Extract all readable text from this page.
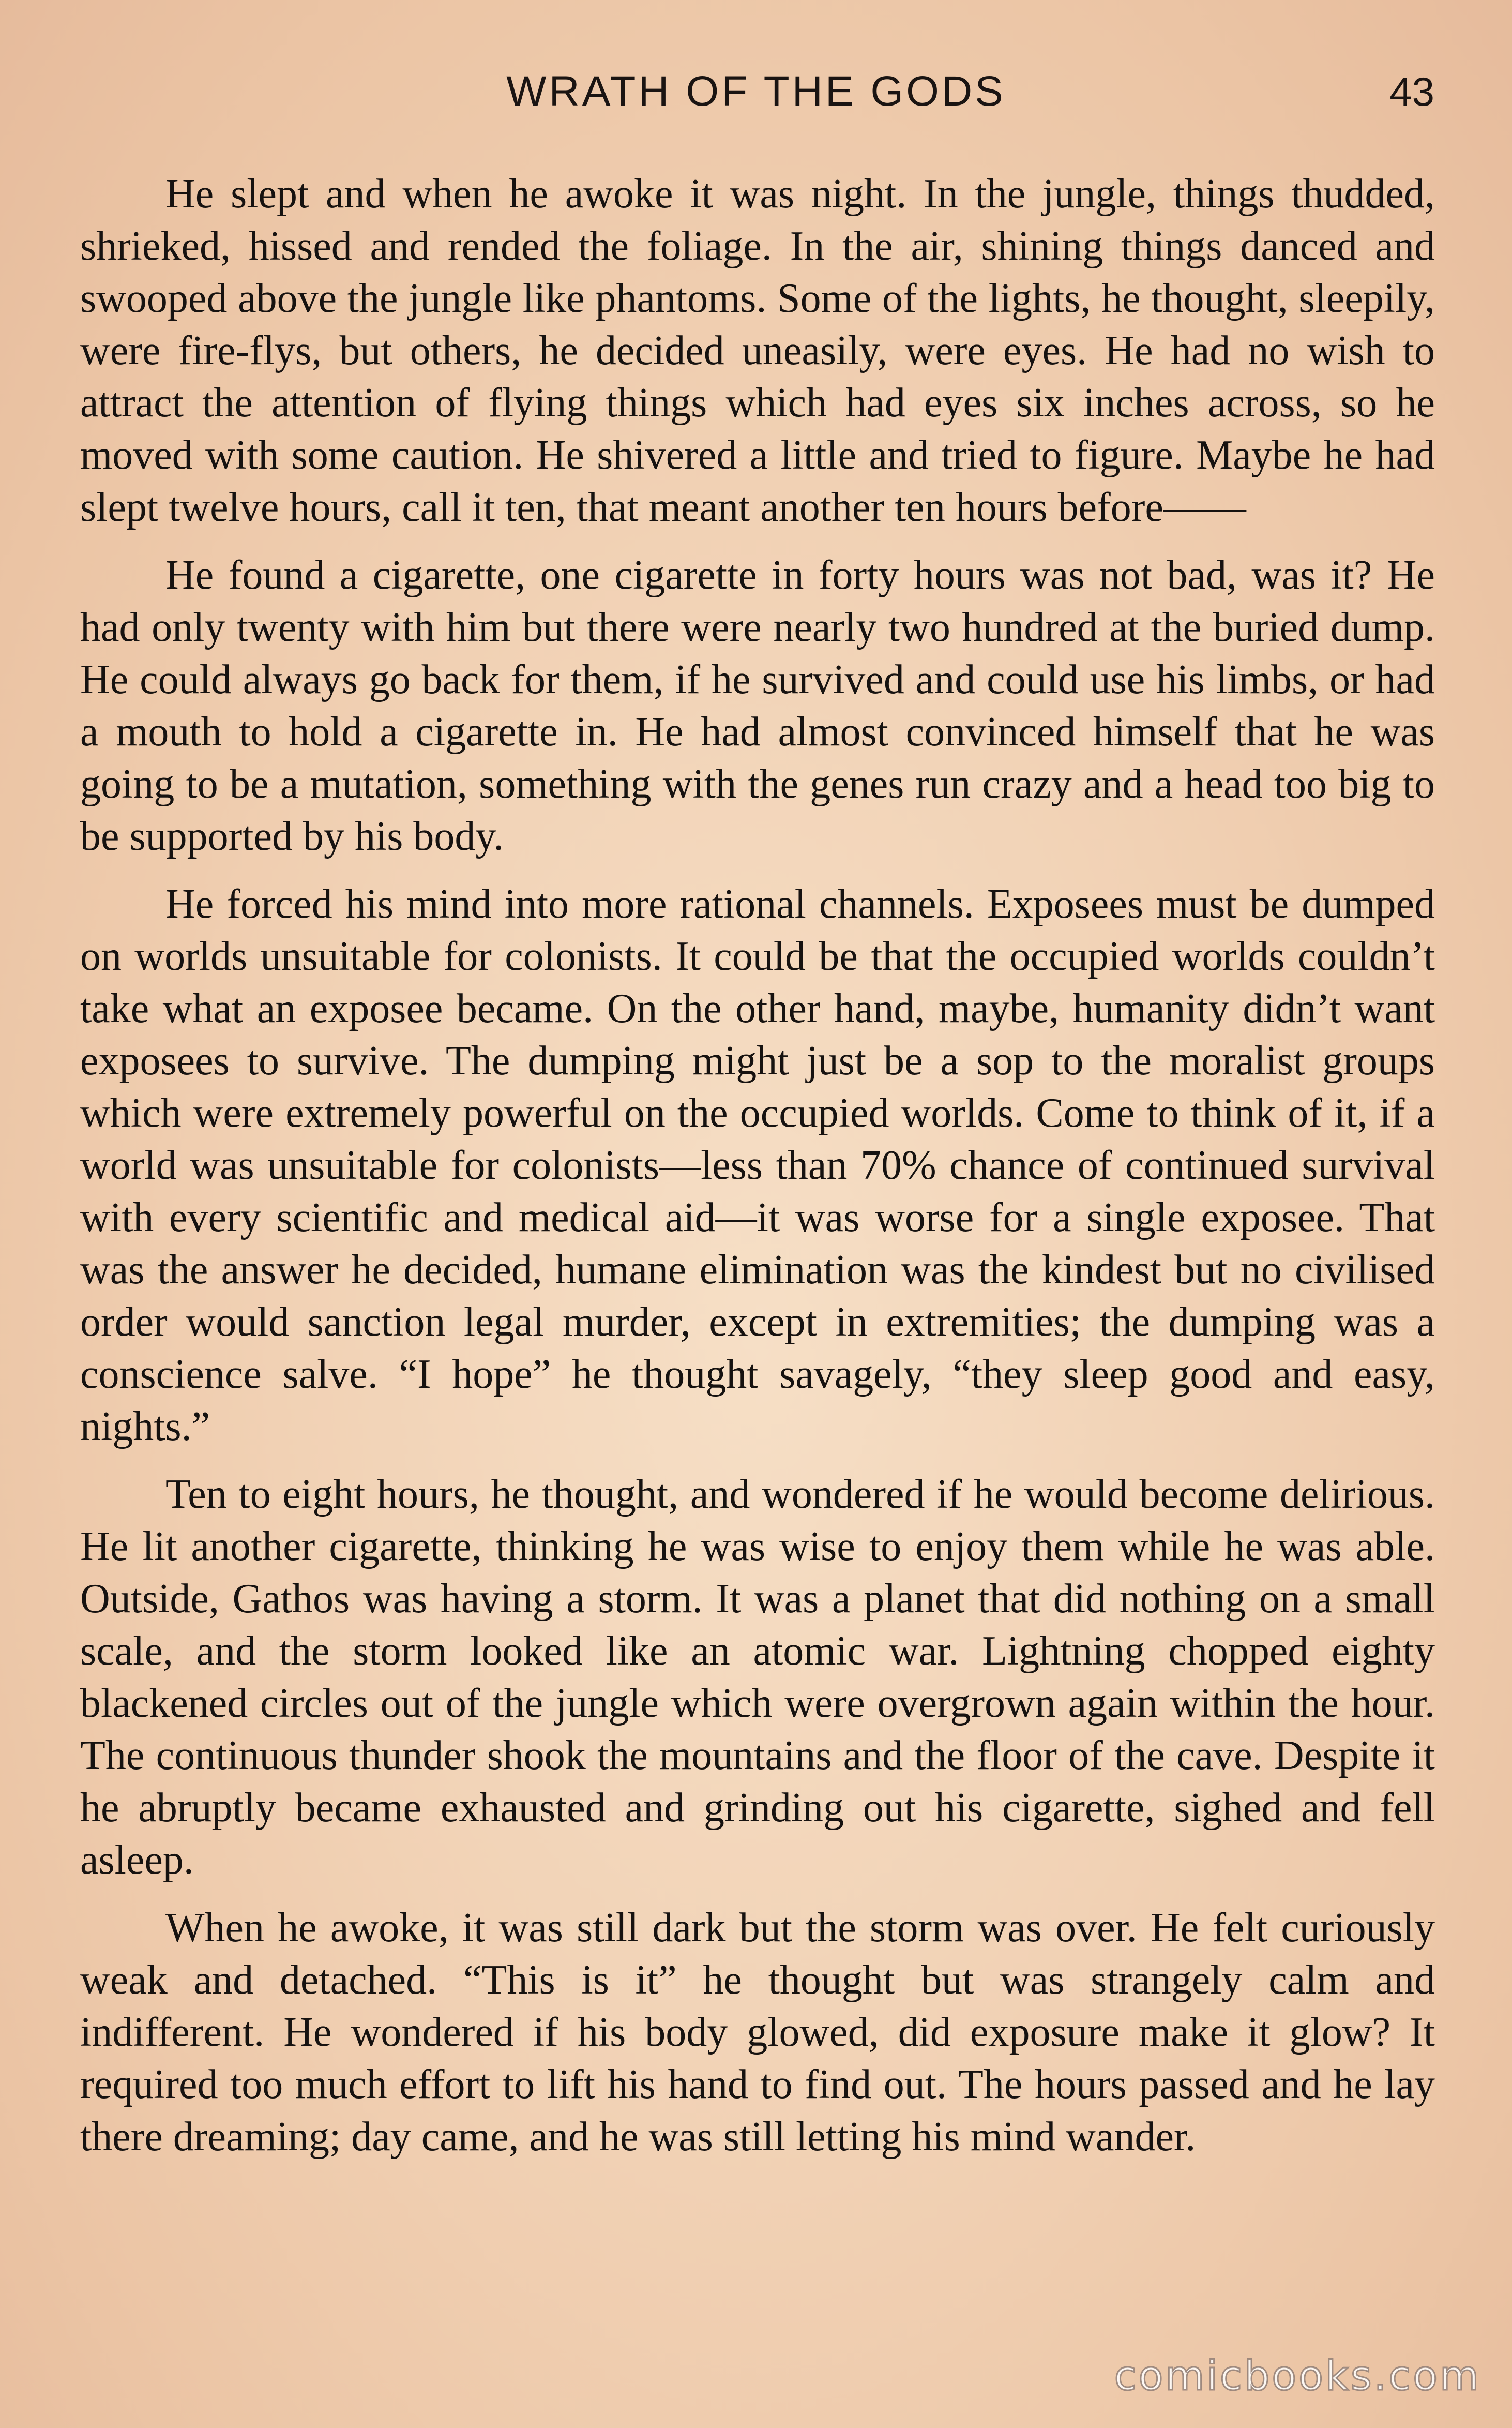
WRATH OF THE GODS	43

He slept and when he awoke it was night. In the jungle, things thudded, shrieked, hissed and rended the foliage. In the air, shining things danced and swooped above the jungle like phantoms. Some of the lights, he thought, sleepily, were fire-flys, but others, he decided uneasily, were eyes. He had no wish to attract the attention of flying things which had eyes six inches across, so he moved with some caution. He shivered a little and tried to figure. Maybe he had slept twelve hours, call it ten, that meant another ten hours before——

He found a cigarette, one cigarette in forty hours was not bad, was it? He had only twenty with him but there were nearly two hundred at the buried dump. He could always go back for them, if he survived and could use his limbs, or had a mouth to hold a cigarette in. He had almost convinced himself that he was going to be a mutation, something with the genes run crazy and a head too big to be supported by his body.

He forced his mind into more rational channels. Exposees must be dumped on worlds unsuitable for colonists. It could be that the occupied worlds couldn’t take what an exposee became. On the other hand, maybe, humanity didn’t want exposees to survive. The dumping might just be a sop to the moralist groups which were extremely powerful on the occupied worlds. Come to think of it, if a world was unsuitable for colonists—less than 70% chance of continued survival with every scientific and medical aid—it was worse for a single exposee. That was the answer he decided, humane elimination was the kindest but no civilised order would sanction legal murder, except in extremities; the dumping was a conscience salve. “I hope” he thought savagely, “they sleep good and easy, nights.”

Ten to eight hours, he thought, and wondered if he would become delirious. He lit another cigarette, thinking he was wise to enjoy them while he was able. Outside, Gathos was having a storm. It was a planet that did nothing on a small scale, and the storm looked like an atomic war. Lightning chopped eighty blackened circles out of the jungle which were overgrown again within the hour. The continuous thunder shook the mountains and the floor of the cave. Despite it he abruptly became exhausted and grinding out his cigarette, sighed and fell asleep.

When he awoke, it was still dark but the storm was over. He felt curiously weak and detached. “This is it” he thought but was strangely calm and indifferent. He wondered if his body glowed, did exposure make it glow? It required too much effort to lift his hand to find out. The hours passed and he lay there dreaming; day came, and he was still letting his mind wander.

comicbooks.com
